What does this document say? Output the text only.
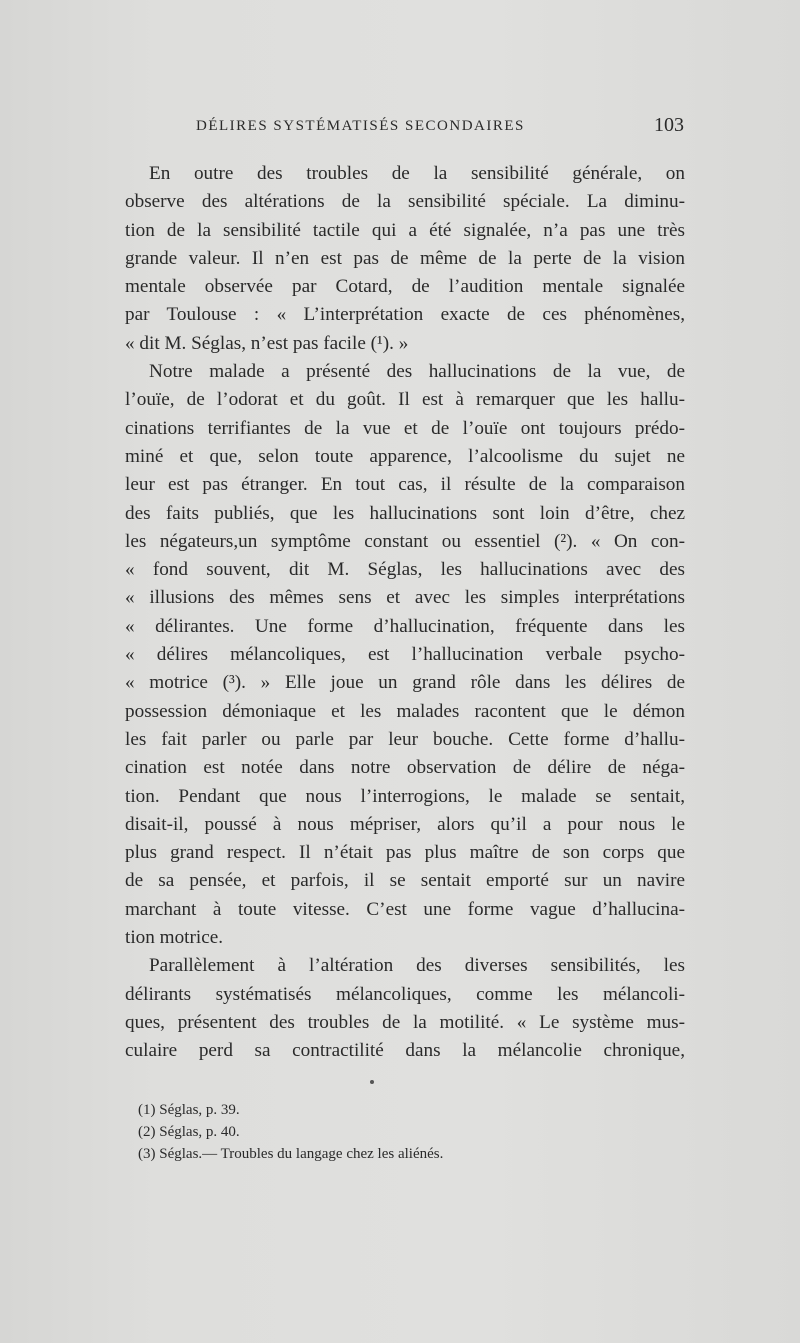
DÉLIRES SYSTÉMATISÉS SECONDAIRES	103
En outre des troubles de la sensibilité générale, on
observe des altérations de la sensibilité spéciale. La diminu-
tion de la sensibilité tactile qui a été signalée, n’a pas une très
grande valeur. Il n’en est pas de même de la perte de la vision
mentale observée par Cotard, de l’audition mentale signalée
par Toulouse : « L’interprétation exacte de ces phénomènes,
« dit M. Séglas, n’est pas facile (¹). »
Notre malade a présenté des hallucinations de la vue, de
l’ouïe, de l’odorat et du goût. Il est à remarquer que les hallu-
cinations terrifiantes de la vue et de l’ouïe ont toujours prédo-
miné et que, selon toute apparence, l’alcoolisme du sujet ne
leur est pas étranger. En tout cas, il résulte de la comparaison
des faits publiés, que les hallucinations sont loin d’être, chez
les négateurs,un symptôme constant ou essentiel (²). « On con-
« fond souvent, dit M. Séglas, les hallucinations avec des
« illusions des mêmes sens et avec les simples interprétations
« délirantes. Une forme d’hallucination, fréquente dans les
« délires mélancoliques, est l’hallucination verbale psycho-
« motrice (³). » Elle joue un grand rôle dans les délires de
possession démoniaque et les malades racontent que le démon
les fait parler ou parle par leur bouche. Cette forme d’hallu-
cination est notée dans notre observation de délire de néga-
tion. Pendant que nous l’interrogions, le malade se sentait,
disait-il, poussé à nous mépriser, alors qu’il a pour nous le
plus grand respect. Il n’était pas plus maître de son corps que
de sa pensée, et parfois, il se sentait emporté sur un navire
marchant à toute vitesse. C’est une forme vague d’hallucina-
tion motrice.
Parallèlement à l’altération des diverses sensibilités, les
délirants systématisés mélancoliques, comme les mélancoli-
ques, présentent des troubles de la motilité. « Le système mus-
culaire perd sa contractilité dans la mélancolie chronique,
(1) Séglas, p. 39.
(2) Séglas, p. 40.
(3) Séglas.— Troubles du langage chez les aliénés.
